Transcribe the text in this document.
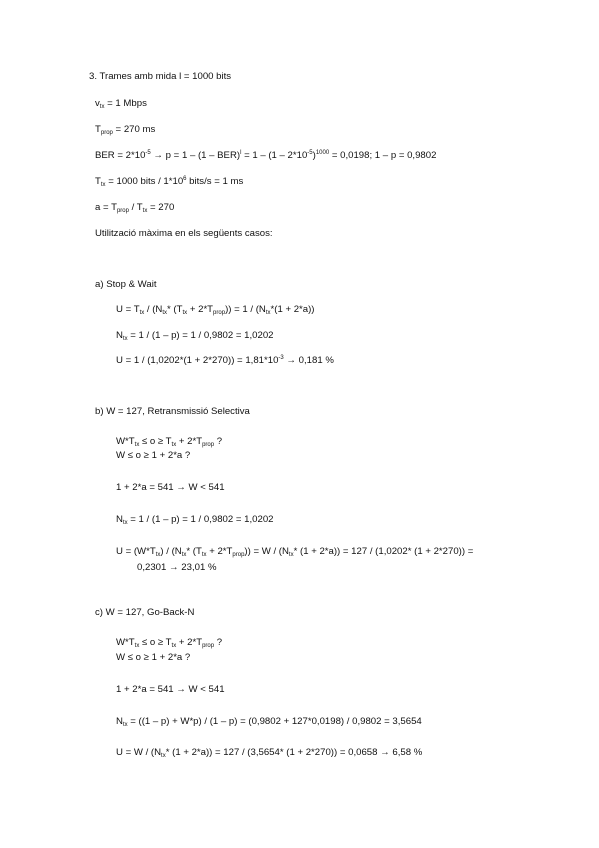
3. Trames amb mida l = 1000 bits
$v_{tx} = 1$ Mbps
$T_{prop} = 270$ ms
BER = $2*10^{-5} \to p = 1 - (1 - BER)^l = 1 - (1 - 2*10^{-5})^{1000} = 0,0198$; 1 – p = 0,9802
$T_{tx} = 1000$ bits / $1*10^6$ bits/s = 1 ms
$a = T_{prop} / T_{tx} = 270$
Utilització màxima en els següents casos:
a) Stop & Wait
$U = T_{tx} / (N_{tx}*$ $(T_{tx} + 2*T_{prop})) = 1 / (N_{tx}*(1 + 2*a))$
$N_{tx} = 1 / (1 - p) = 1 / 0,9802 = 1,0202$
$U = 1 / (1,0202*(1 + 2*270)) = 1,81*10^{-3} \to 0,181$ %
b) W = 127, Retransmissió Selectiva
$W*T_{tx} \le o \ge T_{tx} + 2*T_{prop}$ ?
W ≤ o ≥ 1 + 2*a ?
1 + 2*a = 541 → W < 541
$N_{tx} = 1 / (1 - p) = 1 / 0,9802 = 1,0202$
$U = (W*T_{tx}) / (N_{tx}*$ $(T_{tx} + 2*T_{prop})) = W / (N_{tx}*$ (1 + 2*a)) = 127 / (1,0202* (1 + 2*270)) =
0,2301 → 23,01 %
c) W = 127, Go-Back-N
$W*T_{tx} \le o \ge T_{tx} + 2*T_{prop}$ ?
W ≤ o ≥ 1 + 2*a ?
1 + 2*a = 541 → W < 541
$N_{tx} = ((1 - p) + W*p) / (1 - p) = (0,9802 + 127*0,0198) / 0,9802 = 3,5654$
$U = W / (N_{tx}*$ (1 + 2*a)) = 127 / (3,5654* (1 + 2*270)) = 0,0658 → 6,58 %
